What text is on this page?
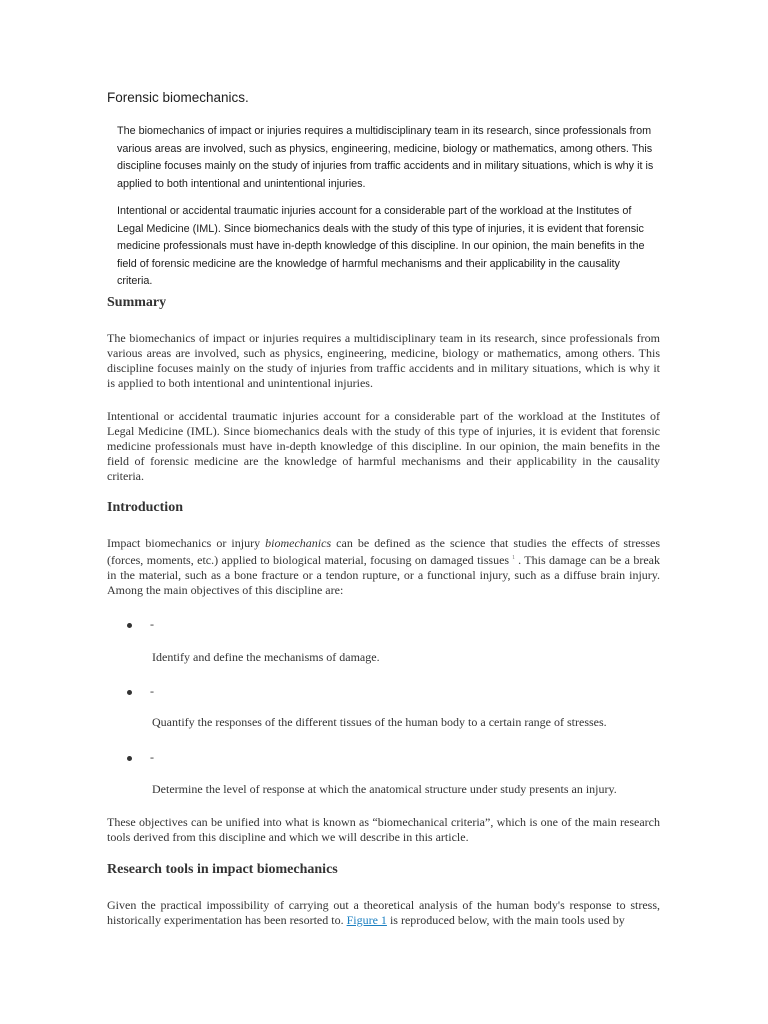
Forensic biomechanics.

The biomechanics of impact or injuries requires a multidisciplinary team in its research, since professionals from various areas are involved, such as physics, engineering, medicine, biology or mathematics, among others. This discipline focuses mainly on the study of injuries from traffic accidents and in military situations, which is why it is applied to both intentional and unintentional injuries.

Intentional or accidental traumatic injuries account for a considerable part of the workload at the Institutes of Legal Medicine (IML). Since biomechanics deals with the study of this type of injuries, it is evident that forensic medicine professionals must have in-depth knowledge of this discipline. In our opinion, the main benefits in the field of forensic medicine are the knowledge of harmful mechanisms and their applicability in the causality criteria.

Summary

The biomechanics of impact or injuries requires a multidisciplinary team in its research, since professionals from various areas are involved, such as physics, engineering, medicine, biology or mathematics, among others. This discipline focuses mainly on the study of injuries from traffic accidents and in military situations, which is why it is applied to both intentional and unintentional injuries.

Intentional or accidental traumatic injuries account for a considerable part of the workload at the Institutes of Legal Medicine (IML). Since biomechanics deals with the study of this type of injuries, it is evident that forensic medicine professionals must have in-depth knowledge of this discipline. In our opinion, the main benefits in the field of forensic medicine are the knowledge of harmful mechanisms and their applicability in the causality criteria.

Introduction

Impact biomechanics or injury biomechanics can be defined as the science that studies the effects of stresses (forces, moments, etc.) applied to biological material, focusing on damaged tissues $^1$ . This damage can be a break in the material, such as a bone fracture or a tendon rupture, or a functional injury, such as a diffuse brain injury. Among the main objectives of this discipline are:

-

Identify and define the mechanisms of damage.

-

Quantify the responses of the different tissues of the human body to a certain range of stresses.

-

Determine the level of response at which the anatomical structure under study presents an injury.

These objectives can be unified into what is known as “biomechanical criteria”, which is one of the main research tools derived from this discipline and which we will describe in this article.

Research tools in impact biomechanics

Given the practical impossibility of carrying out a theoretical analysis of the human body's response to stress, historically experimentation has been resorted to. Figure 1 is reproduced below, with the main tools used by
